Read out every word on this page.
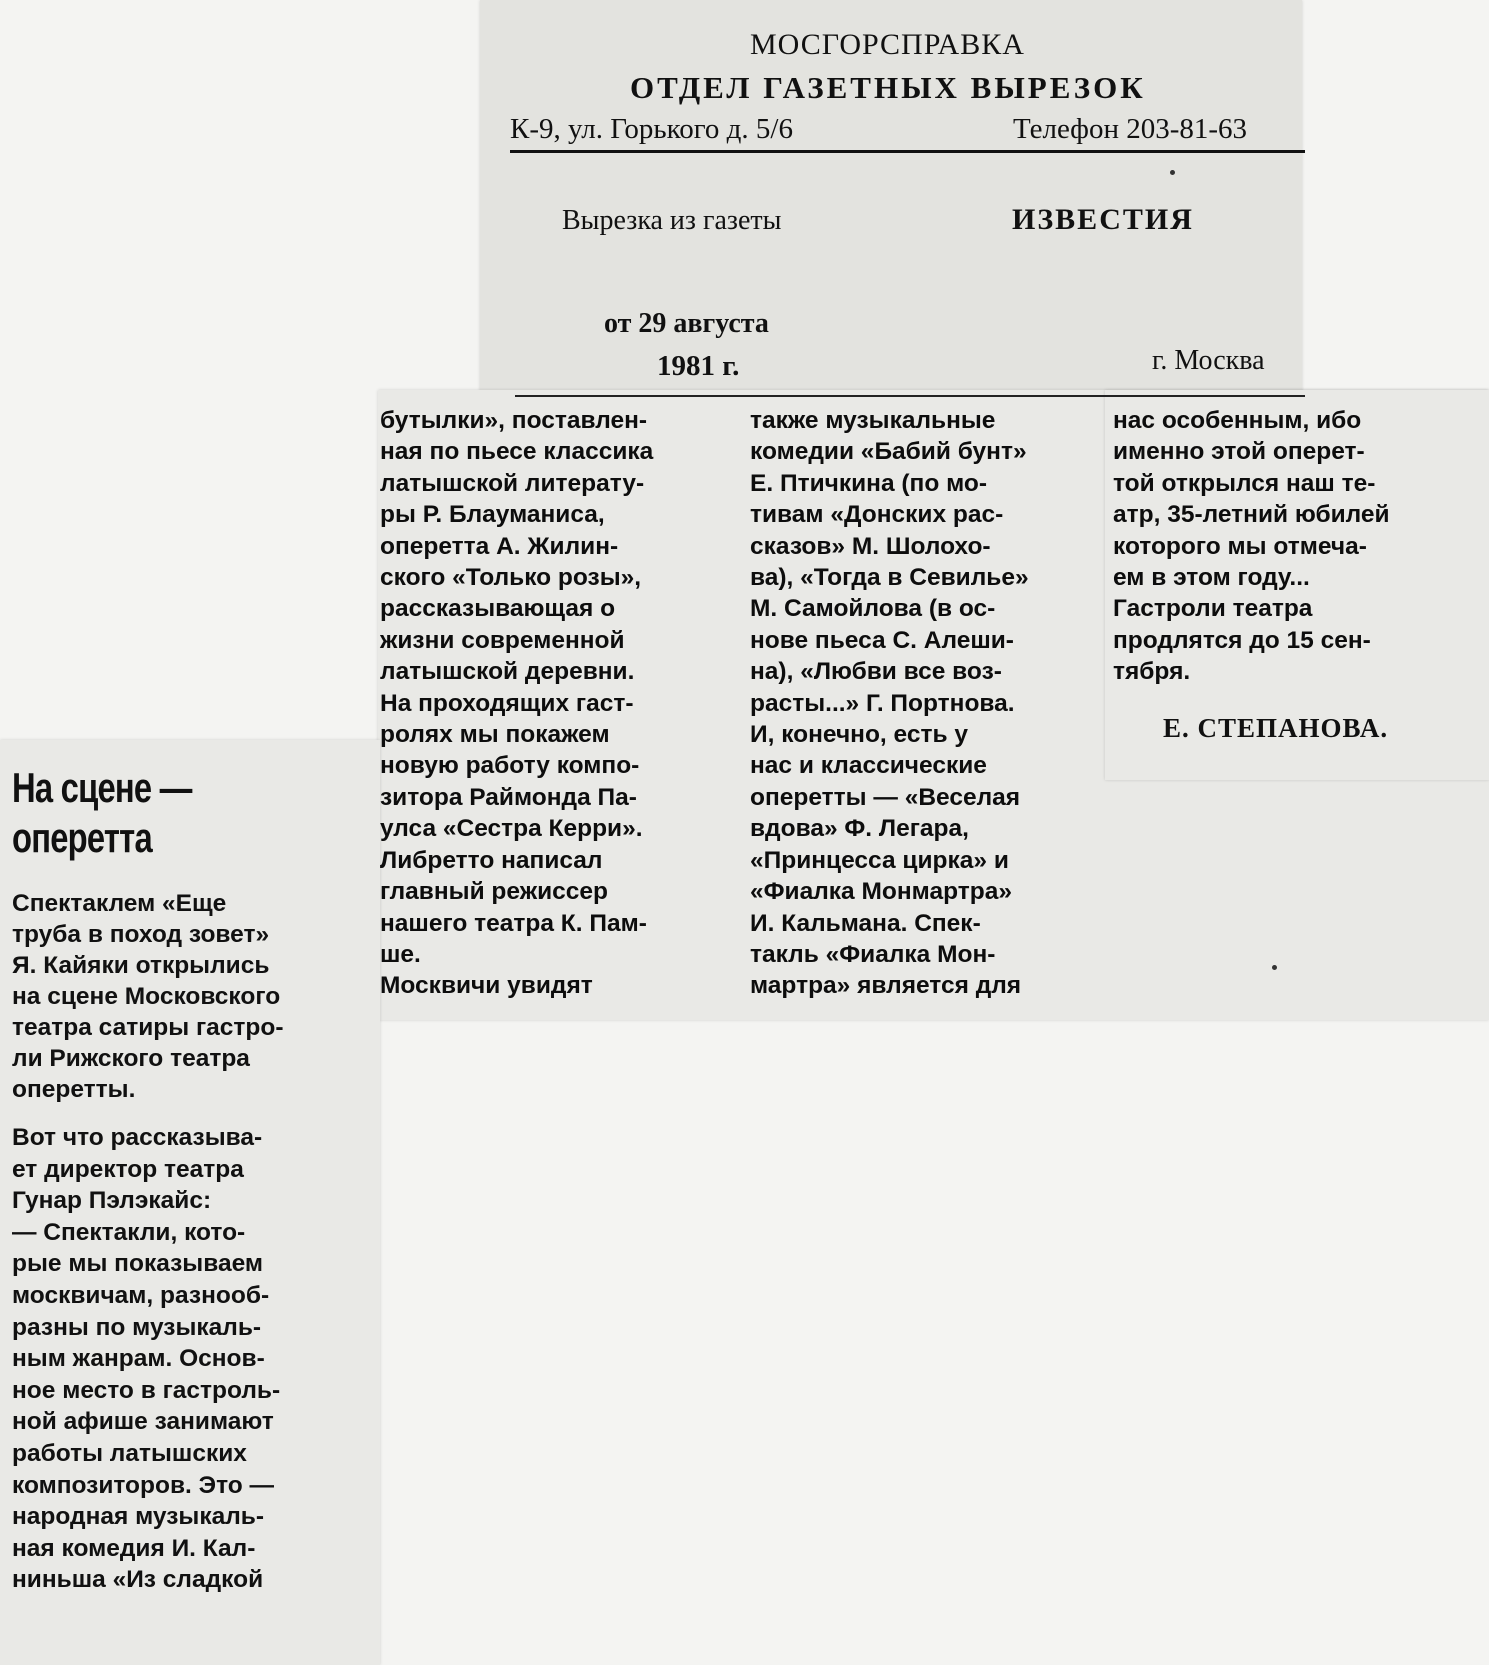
МОСГОРСПРАВКА
ОТДЕЛ ГАЗЕТНЫХ ВЫРЕЗОК
К-9, ул. Горького д. 5/6	Телефон 203-81-63
Вырезка из газеты	ИЗВЕСТИЯ
от 29 августа
1981 г.	г. Москва
бутылки», поставлен-
ная по пьесе классика
латышской литерату-
ры Р. Блауманиса,
оперетта А. Жилин-
ского «Только розы»,
рассказывающая о
жизни современной
латышской деревни.
На проходящих гаст-
ролях мы покажем
новую работу компо-
зитора Раймонда Па-
улса «Сестра Керри».
Либретто написал
главный режиссер
нашего театра К. Пам-
ше.
Москвичи увидят
также музыкальные
комедии «Бабий бунт»
Е. Птичкина (по мо-
тивам «Донских рас-
сказов» М. Шолохо-
ва), «Тогда в Севилье»
М. Самойлова (в ос-
нове пьеса С. Алеши-
на), «Любви все воз-
расты...» Г. Портнова.
И, конечно, есть у
нас и классические
оперетты — «Веселая
вдова» Ф. Легара,
«Принцесса цирка» и
«Фиалка Монмартра»
И. Кальмана. Спек-
такль «Фиалка Мон-
мартра» является для
нас особенным, ибо
именно этой оперет-
той открылся наш те-
атр, 35-летний юбилей
которого мы отмеча-
ем в этом году...
Гастроли театра
продлятся до 15 сен-
тября.
Е. СТЕПАНОВА.
На сцене —
оперетта
Спектаклем «Еще
труба в поход зовет»
Я. Кайяки открылись
на сцене Московского
театра сатиры гастро-
ли Рижского театра
оперетты.
Вот что рассказыва-
ет директор театра
Гунар Пэлэкайс:
— Спектакли, кото-
рые мы показываем
москвичам, разнооб-
разны по музыкаль-
ным жанрам. Основ-
ное место в гастроль-
ной афише занимают
работы латышских
композиторов. Это —
народная музыкаль-
ная комедия И. Кал-
ниньша «Из сладкой
